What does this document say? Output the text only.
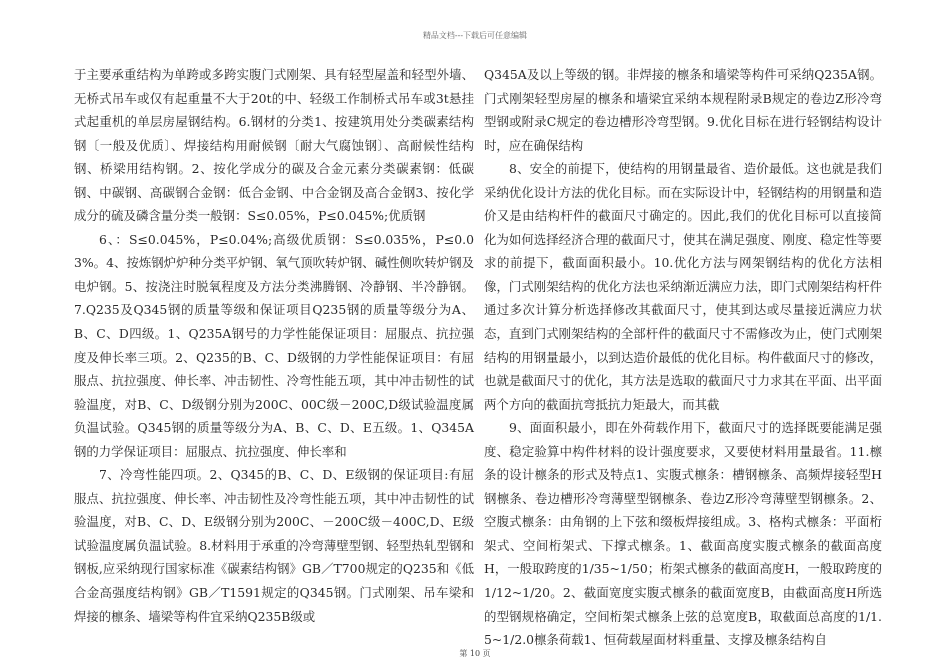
精品文档---下载后可任意编辑

于主要承重结构为单跨或多跨实腹门式刚架、具有轻型屋盖和轻型外墙、无桥式吊车或仅有起重量不大于20t的中、轻级工作制桥式吊车或3t悬挂式起重机的单层房屋钢结构。6.钢材的分类1、按建筑用处分类碳素结构钢〔一般及优质〕、焊接结构用耐候钢〔耐大气腐蚀钢〕、高耐候性结构钢、桥梁用结构钢。2、按化学成分的碳及合金元素分类碳素钢：低碳钢、中碳钢、高碳钢合金钢：低合金钢、中合金钢及高合金钢3、按化学成分的硫及磷含量分类一般钢：S≤0.05%，P≤0.045%;优质钢

6、：S≤0.045%，P≤0.04%;高级优质钢：S≤0.035%，P≤0.03%。4、按炼钢炉炉种分类平炉钢、氧气顶吹转炉钢、碱性侧吹转炉钢及电炉钢。5、按浇注时脱氧程度及方法分类沸腾钢、冷静钢、半冷静钢。7.Q235及Q345钢的质量等级和保证项目Q235钢的质量等级分为A、B、C、D四级。1、Q235A钢号的力学性能保证项目：屈服点、抗拉强度及伸长率三项。2、Q235的B、C、D级钢的力学性能保证项目：有屈服点、抗拉强度、伸长率、冲击韧性、冷弯性能五项，其中冲击韧性的试验温度，对B、C、D级钢分别为200C、00C级－200C,D级试验温度属负温试验。Q345钢的质量等级分为A、B、C、D、E五级。1、Q345A钢的力学保证项目：屈服点、抗拉强度、伸长率和

7、冷弯性能四项。2、Q345的B、C、D、E级钢的保证项目:有屈服点、抗拉强度、伸长率、冲击韧性及冷弯性能五项，其中冲击韧性的试验温度，对B、C、D、E级钢分别为200C、－200C级－400C,D、E级试验温度属负温试验。8.材料用于承重的冷弯薄壁型钢、轻型热轧型钢和钢板,应采纳现行国家标准《碳素结构钢》GB／T700规定的Q235和《低合金高强度结构钢》GB／T1591规定的Q345钢。门式刚架、吊车梁和焊接的檩条、墙梁等构件宜采纳Q235B级或

Q345A及以上等级的钢。非焊接的檩条和墙梁等构件可采纳Q235A钢。门式刚架轻型房屋的檩条和墙梁宜采纳本规程附录B规定的卷边Z形冷弯型钢或附录C规定的卷边槽形冷弯型钢。9.优化目标在进行轻钢结构设计时，应在确保结构

8、安全的前提下，使结构的用钢量最省、造价最低。这也就是我们采纳优化设计方法的优化目标。而在实际设计中，轻钢结构的用钢量和造价又是由结构杆件的截面尺寸确定的。因此,我们的优化目标可以直接简化为如何选择经济合理的截面尺寸，使其在满足强度、刚度、稳定性等要求的前提下，截面面积最小。10.优化方法与网架钢结构的优化方法相像，门式刚架结构的优化方法也采纳渐近满应力法，即门式刚架结构杆件通过多次计算分析选择修改其截面尺寸，使其到达或尽量接近满应力状态，直到门式刚架结构的全部杆件的截面尺寸不需修改为止，使门式刚架结构的用钢量最小，以到达造价最低的优化目标。构件截面尺寸的修改，也就是截面尺寸的优化，其方法是选取的截面尺寸力求其在平面、出平面两个方向的截面抗弯抵抗力矩最大，而其截

9、面面积最小，即在外荷载作用下，截面尺寸的选择既要能满足强度、稳定验算中构件材料的设计强度要求，又要使材料用量最省。11.檩条的设计檩条的形式及特点1、实腹式檩条：槽钢檩条、高频焊接轻型H钢檩条、卷边槽形冷弯薄壁型钢檩条、卷边Z形冷弯薄壁型钢檩条。2、空腹式檩条：由角钢的上下弦和缀板焊接组成。3、格构式檩条：平面桁架式、空间桁架式、下撑式檩条。1、截面高度实腹式檩条的截面高度H，一般取跨度的1/35~1/50；桁架式檩条的截面高度H，一般取跨度的1/12~1/20。2、截面宽度实腹式檩条的截面宽度B，由截面高度H所选的型钢规格确定，空间桁架式檩条上弦的总宽度B，取截面总高度的1/1.5~1/2.0檩条荷载1、恒荷载屋面材料重量、支撑及檩条结构自

第 10 页
